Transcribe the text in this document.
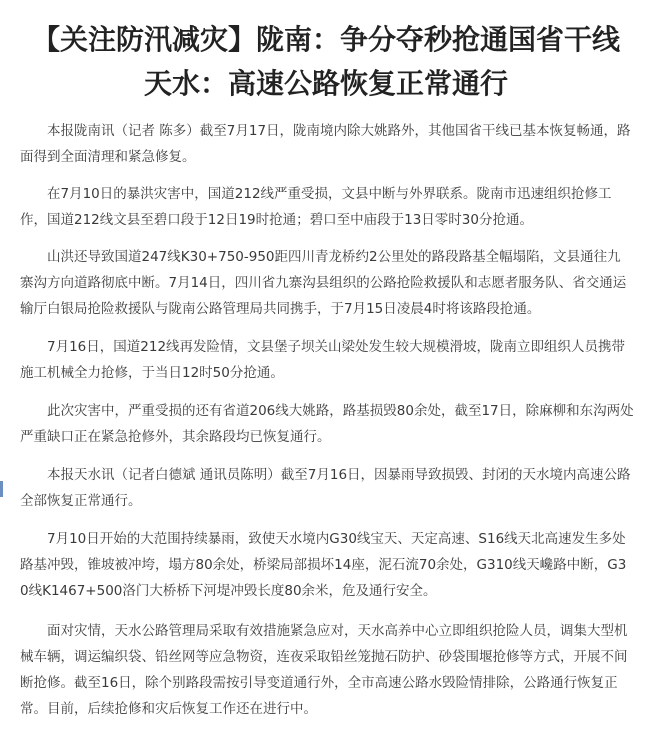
【关注防汛减灾】陇南：争分夺秒抢通国省干线 天水：高速公路恢复正常通行

本报陇南讯（记者 陈多）截至7月17日，陇南境内除大姚路外，其他国省干线已基本恢复畅通，路面得到全面清理和紧急修复。

在7月10日的暴洪灾害中，国道212线严重受损，文县中断与外界联系。陇南市迅速组织抢修工作，国道212线文县至碧口段于12日19时抢通；碧口至中庙段于13日零时30分抢通。

山洪还导致国道247线K30+750-950距四川青龙桥约2公里处的路段路基全幅塌陷，文县通往九寨沟方向道路彻底中断。7月14日，四川省九寨沟县组织的公路抢险救援队和志愿者服务队、省交通运输厅白银局抢险救援队与陇南公路管理局共同携手，于7月15日凌晨4时将该路段抢通。

7月16日，国道212线再发险情，文县堡子坝关山梁处发生较大规模滑坡，陇南立即组织人员携带施工机械全力抢修，于当日12时50分抢通。

此次灾害中，严重受损的还有省道206线大姚路，路基损毁80余处，截至17日，除麻柳和东沟两处严重缺口正在紧急抢修外，其余路段均已恢复通行。

本报天水讯（记者白德斌 通讯员陈明）截至7月16日，因暴雨导致损毁、封闭的天水境内高速公路全部恢复正常通行。

7月10日开始的大范围持续暴雨，致使天水境内G30线宝天、天定高速、S16线天北高速发生多处路基冲毁，锥坡被冲垮，塌方80余处，桥梁局部损坏14座，泥石流70余处，G310线天巉路中断，G30线K1467+500洛门大桥桥下河堤冲毁长度80余米，危及通行安全。

面对灾情，天水公路管理局采取有效措施紧急应对，天水高养中心立即组织抢险人员，调集大型机械车辆，调运编织袋、铅丝网等应急物资，连夜采取铅丝笼抛石防护、砂袋围堰抢修等方式，开展不间断抢修。截至16日，除个别路段需按引导变道通行外，全市高速公路水毁险情排除，公路通行恢复正常。目前，后续抢修和灾后恢复工作还在进行中。
